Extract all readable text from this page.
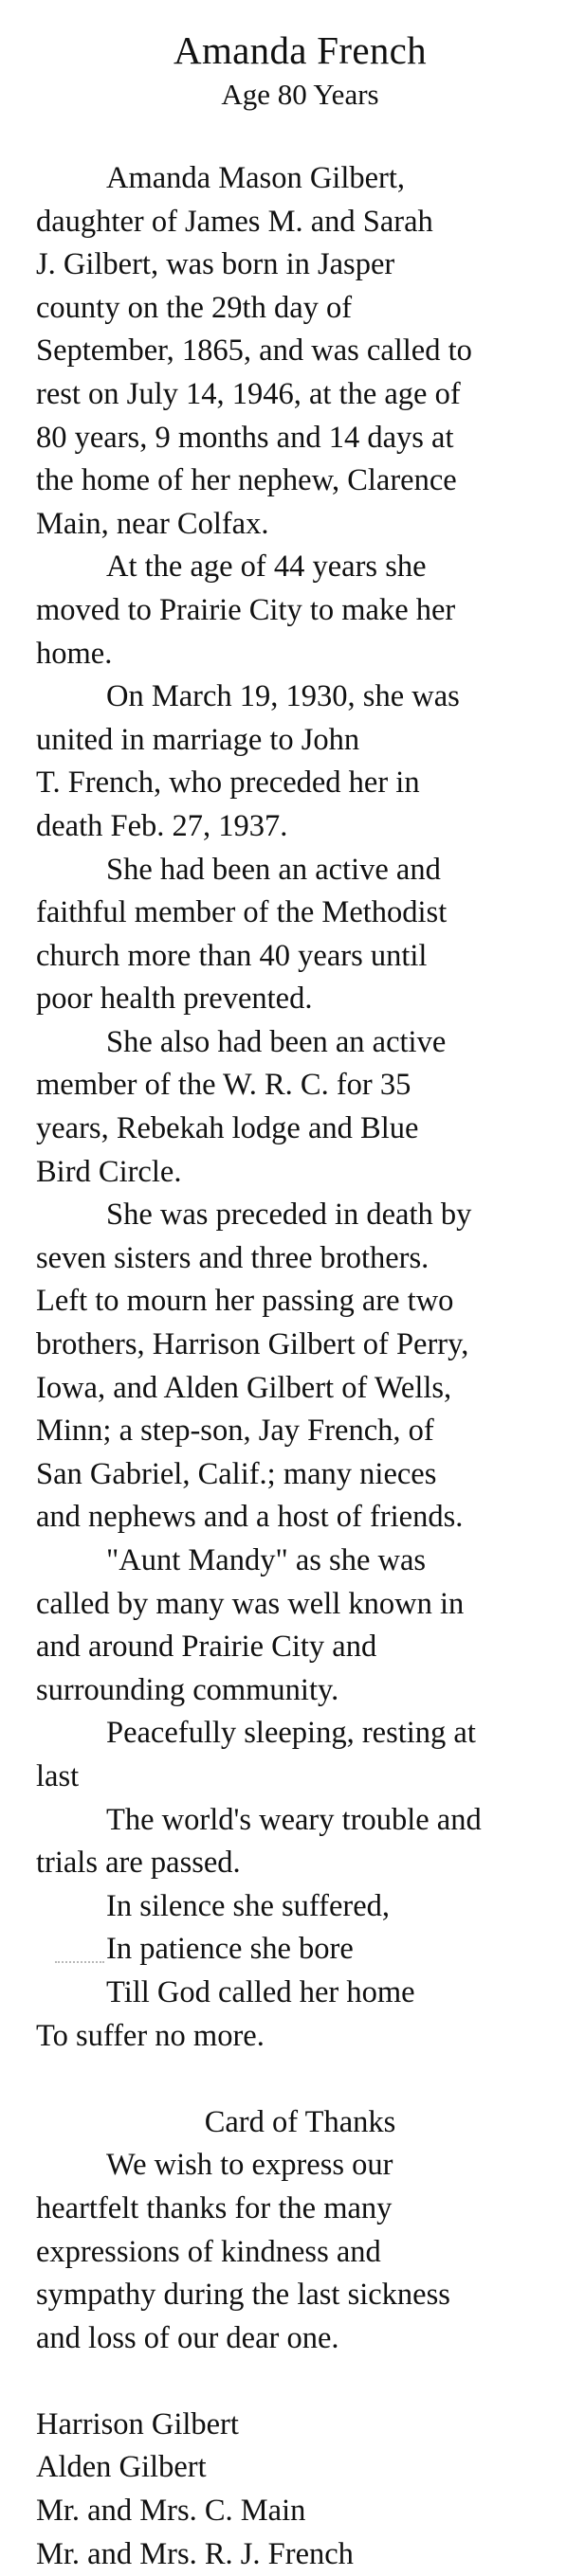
Amanda French
Age 80 Years
Amanda Mason Gilbert,
daughter of James M. and Sarah
J. Gilbert, was born in Jasper
county on the 29th day of
September, 1865, and was called to
rest on July 14, 1946, at the age of
80 years, 9 months and 14 days at
the home of her nephew, Clarence
Main, near Colfax.
At the age of 44 years she
moved to Prairie City to make her
home.
On March 19, 1930, she was
united in marriage to John
T. French, who preceded her in
death Feb. 27, 1937.
She had been an active and
faithful member of the Methodist
church more than 40 years until
poor health prevented.
She also had been an active
member of the W. R. C. for 35
years, Rebekah lodge and Blue
Bird Circle.
She was preceded in death by
seven sisters and three brothers.
Left to mourn her passing are two
brothers, Harrison Gilbert of Perry,
Iowa, and Alden Gilbert of Wells,
Minn; a step-son, Jay French, of
San Gabriel, Calif.; many nieces
and nephews and a host of friends.
"Aunt Mandy" as she was
called by many was well known in
and around Prairie City and
surrounding community.
Peacefully sleeping, resting at
last
The world's weary trouble and
trials are passed.
In silence she suffered,
In patience she bore
Till God called her home
To suffer no more.
Card of Thanks
We wish to express our
heartfelt thanks for the many
expressions of kindness and
sympathy during the last sickness
and loss of our dear one.
Harrison Gilbert
Alden Gilbert
Mr. and Mrs. C. Main
Mr. and Mrs. R. J. French
